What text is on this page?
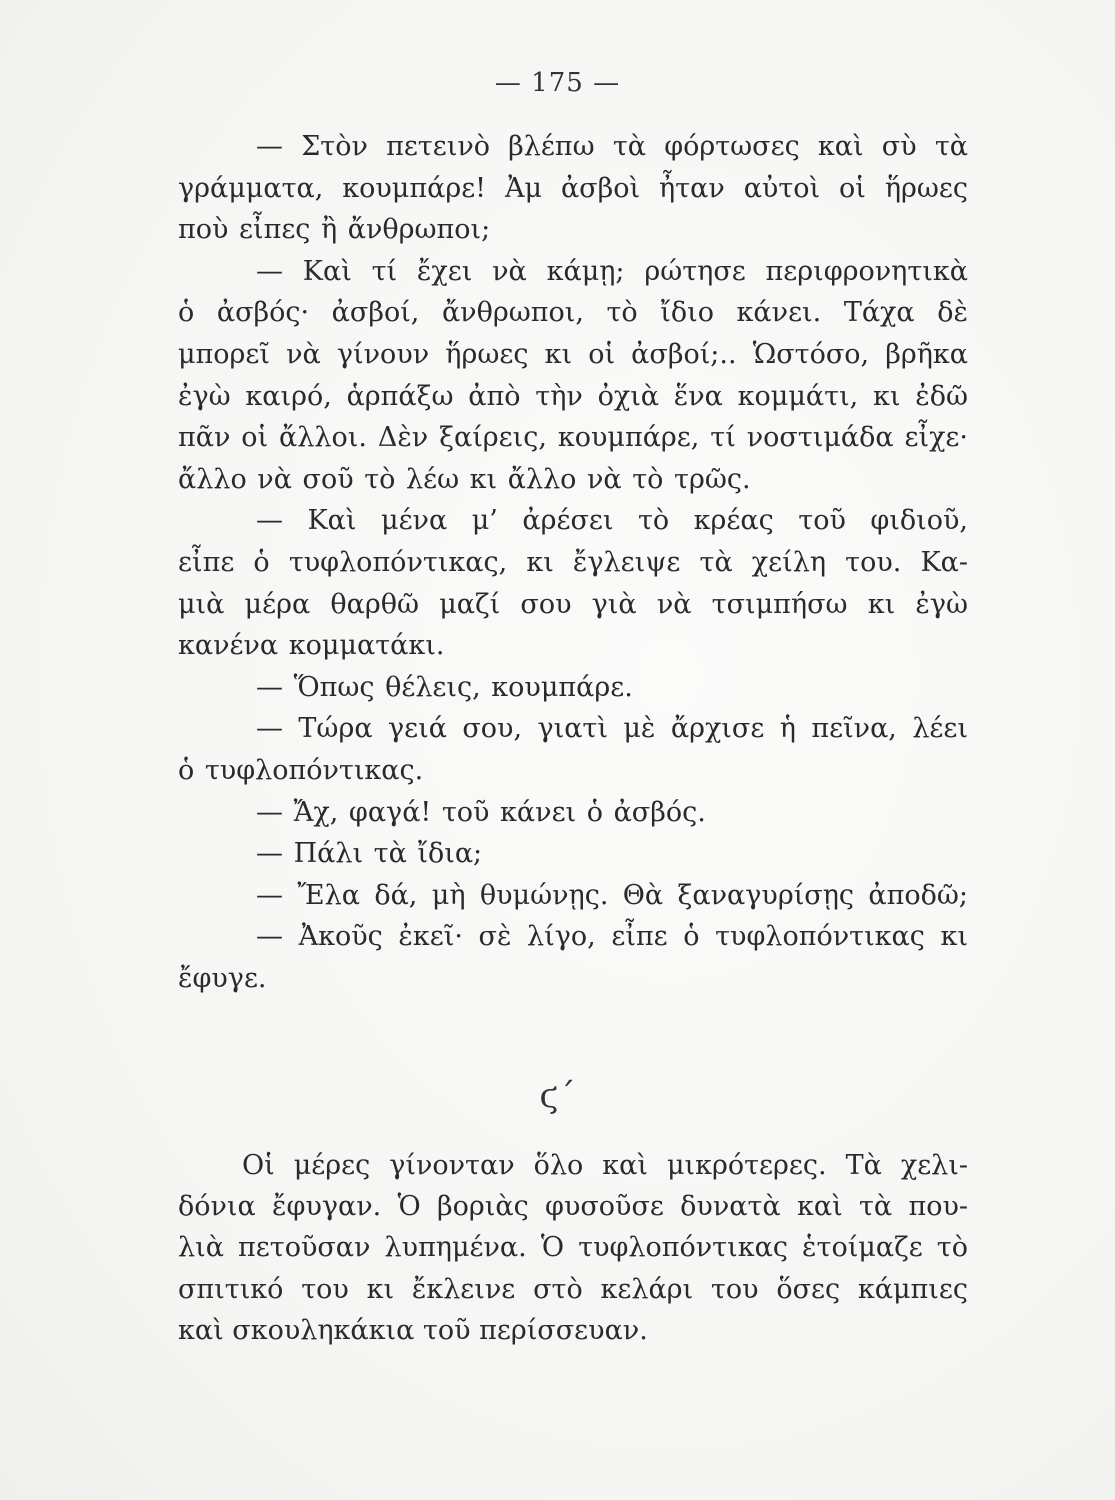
— 175 —
— Στὸν πετεινὸ βλέπω τὰ φόρτωσες καὶ σὺ τὰ
γράμματα, κουμπάρε! Ἀμ ἀσβοὶ ἦταν αὐτοὶ οἱ ἥρωες
ποὺ εἶπες ἢ ἄνθρωποι;
— Καὶ τί ἔχει νὰ κάμῃ; ρώτησε περιφρονητικὰ
ὁ ἀσβός· ἀσβοί, ἄνθρωποι, τὸ ἴδιο κάνει. Τάχα δὲ
μπορεῖ νὰ γίνουν ἥρωες κι οἱ ἀσβοί;.. Ὡστόσο, βρῆκα
ἐγὼ καιρό, ἁρπάξω ἀπὸ τὴν ὀχιὰ ἕνα κομμάτι, κι ἐδῶ
πᾶν οἱ ἄλλοι. Δὲν ξαίρεις, κουμπάρε, τί νοστιμάδα εἶχε·
ἄλλο νὰ σοῦ τὸ λέω κι ἄλλο νὰ τὸ τρῶς.
— Καὶ μένα μ’ ἀρέσει τὸ κρέας τοῦ φιδιοῦ,
εἶπε ὁ τυφλοπόντικας, κι ἔγλειψε τὰ χείλη του. Κα-
μιὰ μέρα θαρθῶ μαζί σου γιὰ νὰ τσιμπήσω κι ἐγὼ
κανένα κομματάκι.
— Ὅπως θέλεις, κουμπάρε.
— Τώρα γειά σου, γιατὶ μὲ ἄρχισε ἡ πεῖνα, λέει
ὁ τυφλοπόντικας.
— Ἄχ, φαγά! τοῦ κάνει ὁ ἀσβός.
— Πάλι τὰ ἴδια;
— Ἔλα δά, μὴ θυμώνῃς. Θὰ ξαναγυρίσῃς ἀποδῶ;
— Ἀκοῦς ἐκεῖ· σὲ λίγο, εἶπε ὁ τυφλοπόντικας κι
ἔφυγε.
ϛ΄
Οἱ μέρες γίνονταν ὅλο καὶ μικρότερες. Τὰ χελι-
δόνια ἔφυγαν. Ὁ βοριὰς φυσοῦσε δυνατὰ καὶ τὰ που-
λιὰ πετοῦσαν λυπημένα. Ὁ τυφλοπόντικας ἑτοίμαζε τὸ
σπιτικό του κι ἔκλεινε στὸ κελάρι του ὅσες κάμπιες
καὶ σκουληκάκια τοῦ περίσσευαν.
